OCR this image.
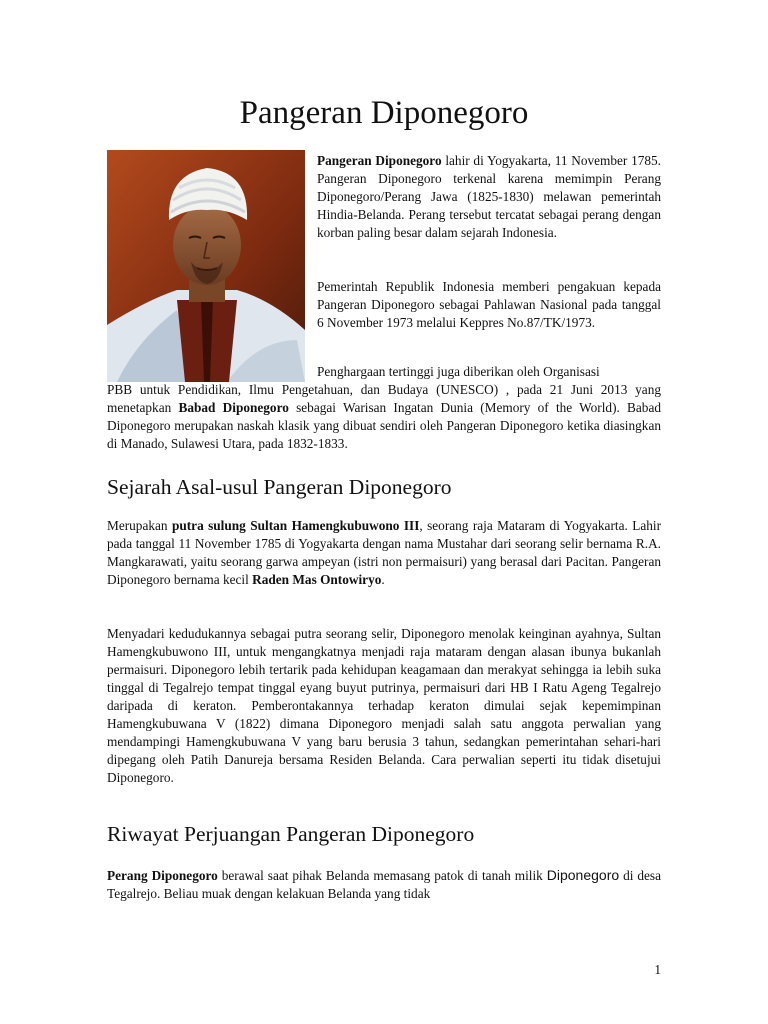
Pangeran Diponegoro

Pangeran Diponegoro lahir di Yogyakarta, 11 November 1785. Pangeran Diponegoro terkenal karena memimpin Perang Diponegoro/Perang Jawa (1825-1830) melawan pemerintah Hindia-Belanda. Perang tersebut tercatat sebagai perang dengan korban paling besar dalam sejarah Indonesia.

Pemerintah Republik Indonesia memberi pengakuan kepada Pangeran Diponegoro sebagai Pahlawan Nasional pada tanggal 6 November 1973 melalui Keppres No.87/TK/1973.

Penghargaan tertinggi juga diberikan oleh Organisasi

PBB untuk Pendidikan, Ilmu Pengetahuan, dan Budaya (UNESCO) , pada 21 Juni 2013 yang menetapkan Babad Diponegoro sebagai Warisan Ingatan Dunia (Memory of the World). Babad Diponegoro merupakan naskah klasik yang dibuat sendiri oleh Pangeran Diponegoro ketika diasingkan di Manado, Sulawesi Utara, pada 1832-1833.

Sejarah Asal-usul Pangeran Diponegoro

Merupakan putra sulung Sultan Hamengkubuwono III, seorang raja Mataram di Yogyakarta. Lahir pada tanggal 11 November 1785 di Yogyakarta dengan nama Mustahar dari seorang selir bernama R.A. Mangkarawati, yaitu seorang garwa ampeyan (istri non permaisuri) yang berasal dari Pacitan. Pangeran Diponegoro bernama kecil Raden Mas Ontowiryo.

Menyadari kedudukannya sebagai putra seorang selir, Diponegoro menolak keinginan ayahnya, Sultan Hamengkubuwono III, untuk mengangkatnya menjadi raja mataram dengan alasan ibunya bukanlah permaisuri. Diponegoro lebih tertarik pada kehidupan keagamaan dan merakyat sehingga ia lebih suka tinggal di Tegalrejo tempat tinggal eyang buyut putrinya, permaisuri dari HB I Ratu Ageng Tegalrejo daripada di keraton. Pemberontakannya terhadap keraton dimulai sejak kepemimpinan Hamengkubuwana V (1822) dimana Diponegoro menjadi salah satu anggota perwalian yang mendampingi Hamengkubuwana V yang baru berusia 3 tahun, sedangkan pemerintahan sehari-hari dipegang oleh Patih Danureja bersama Residen Belanda. Cara perwalian seperti itu tidak disetujui Diponegoro.

Riwayat Perjuangan Pangeran Diponegoro

Perang Diponegoro berawal saat pihak Belanda memasang patok di tanah milik Diponegoro di desa Tegalrejo. Beliau muak dengan kelakuan Belanda yang tidak

1
